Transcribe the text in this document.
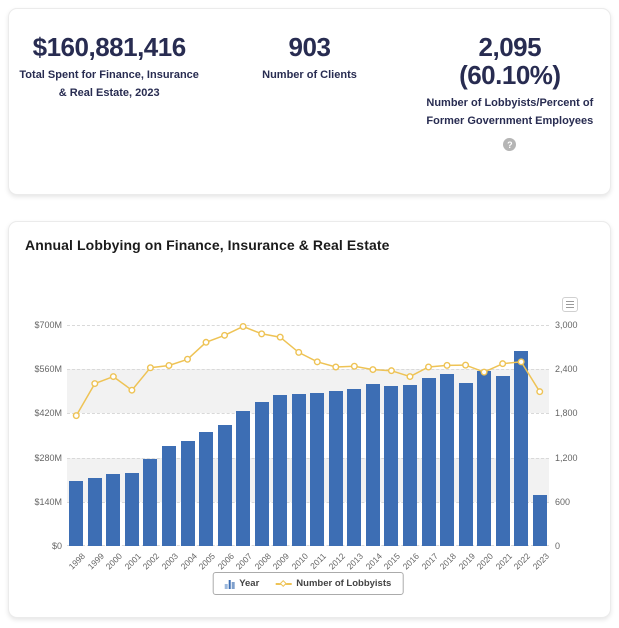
$160,881,416
Total Spent for Finance, Insurance
& Real Estate, 2023
903
Number of Clients
2,095
(60.10%)
Number of Lobbyists/Percent of
Former Government Employees
?
Annual Lobbying on Finance, Insurance & Real Estate
$0	0
$140M	600
$280M	1,200
$420M	1,800
$560M	2,400
$700M	3,000
1998
1999
2000
2001
2002
2003
2004
2005
2006
2007
2008
2009
2010
2011
2012
2013
2014
2015
2016
2017
2018
2019
2020
2021
2022
2023
Year	Number of Lobbyists
